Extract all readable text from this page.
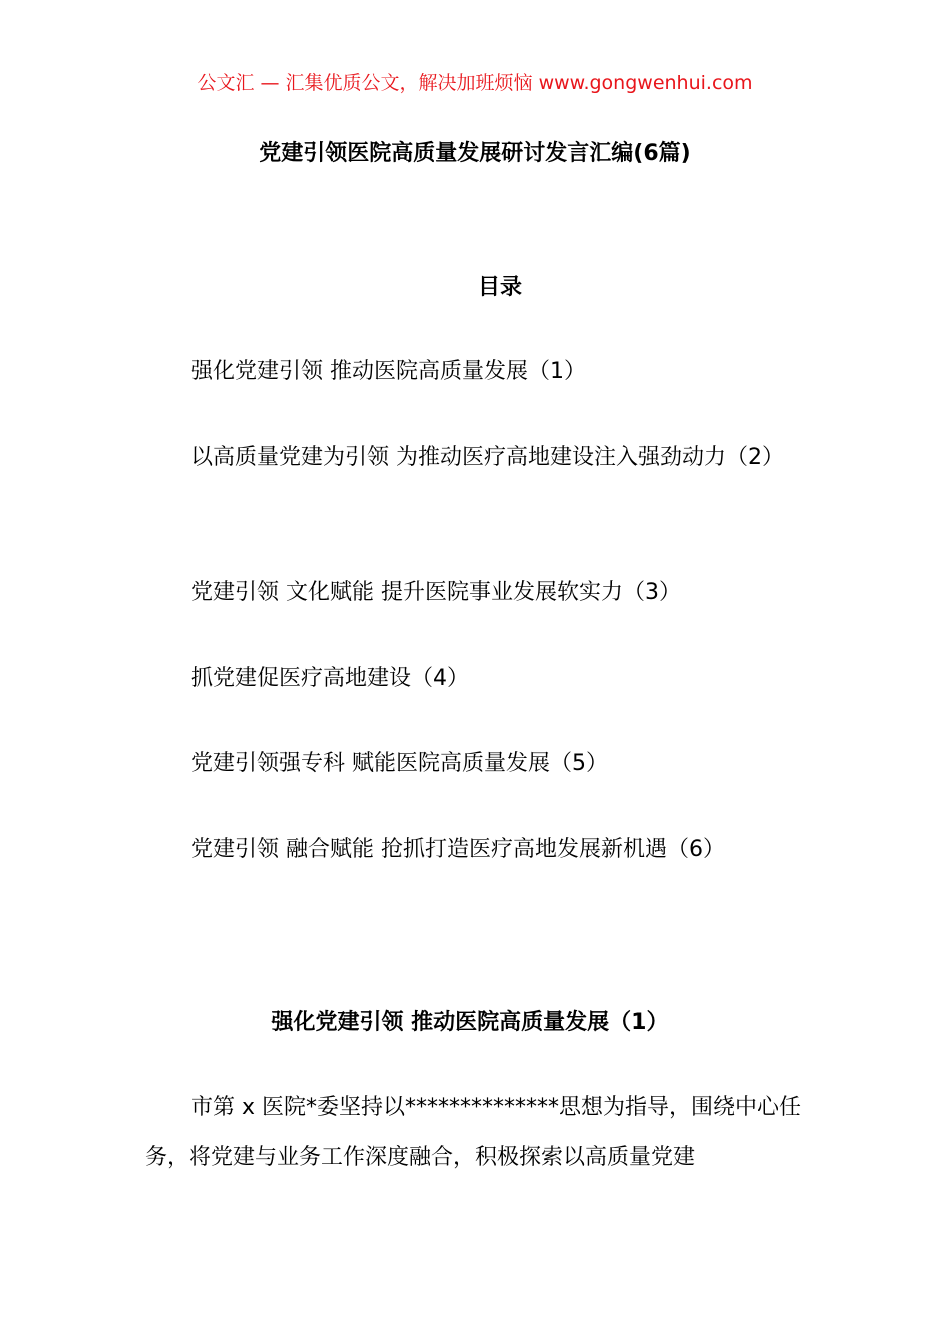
公文汇 — 汇集优质公文，解决加班烦恼 www.gongwenhui.com
党建引领医院高质量发展研讨发言汇编(6篇)
目录
强化党建引领 推动医院高质量发展（1）
以高质量党建为引领 为推动医疗高地建设注入强劲动力（2）
党建引领 文化赋能 提升医院事业发展软实力（3）
抓党建促医疗高地建设（4）
党建引领强专科 赋能医院高质量发展（5）
党建引领 融合赋能 抢抓打造医疗高地发展新机遇（6）
强化党建引领 推动医院高质量发展（1）
市第 x 医院*委坚持以**************思想为指导，围绕中心任务，将党建与业务工作深度融合，积极探索以高质量党建
